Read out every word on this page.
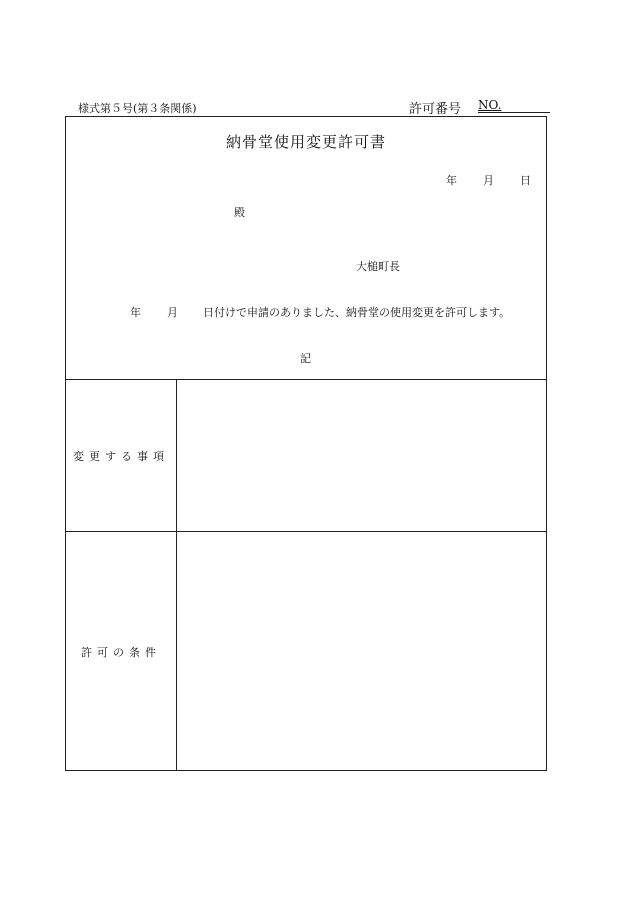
様式第５号(第３条関係)	許可番号 NO.
納骨堂使用変更許可書
年 月 日
殿
大槌町長
年 月 日付けで申請のありました、納骨堂の使用変更を許可します。
記
変更する事項
許可の条件
